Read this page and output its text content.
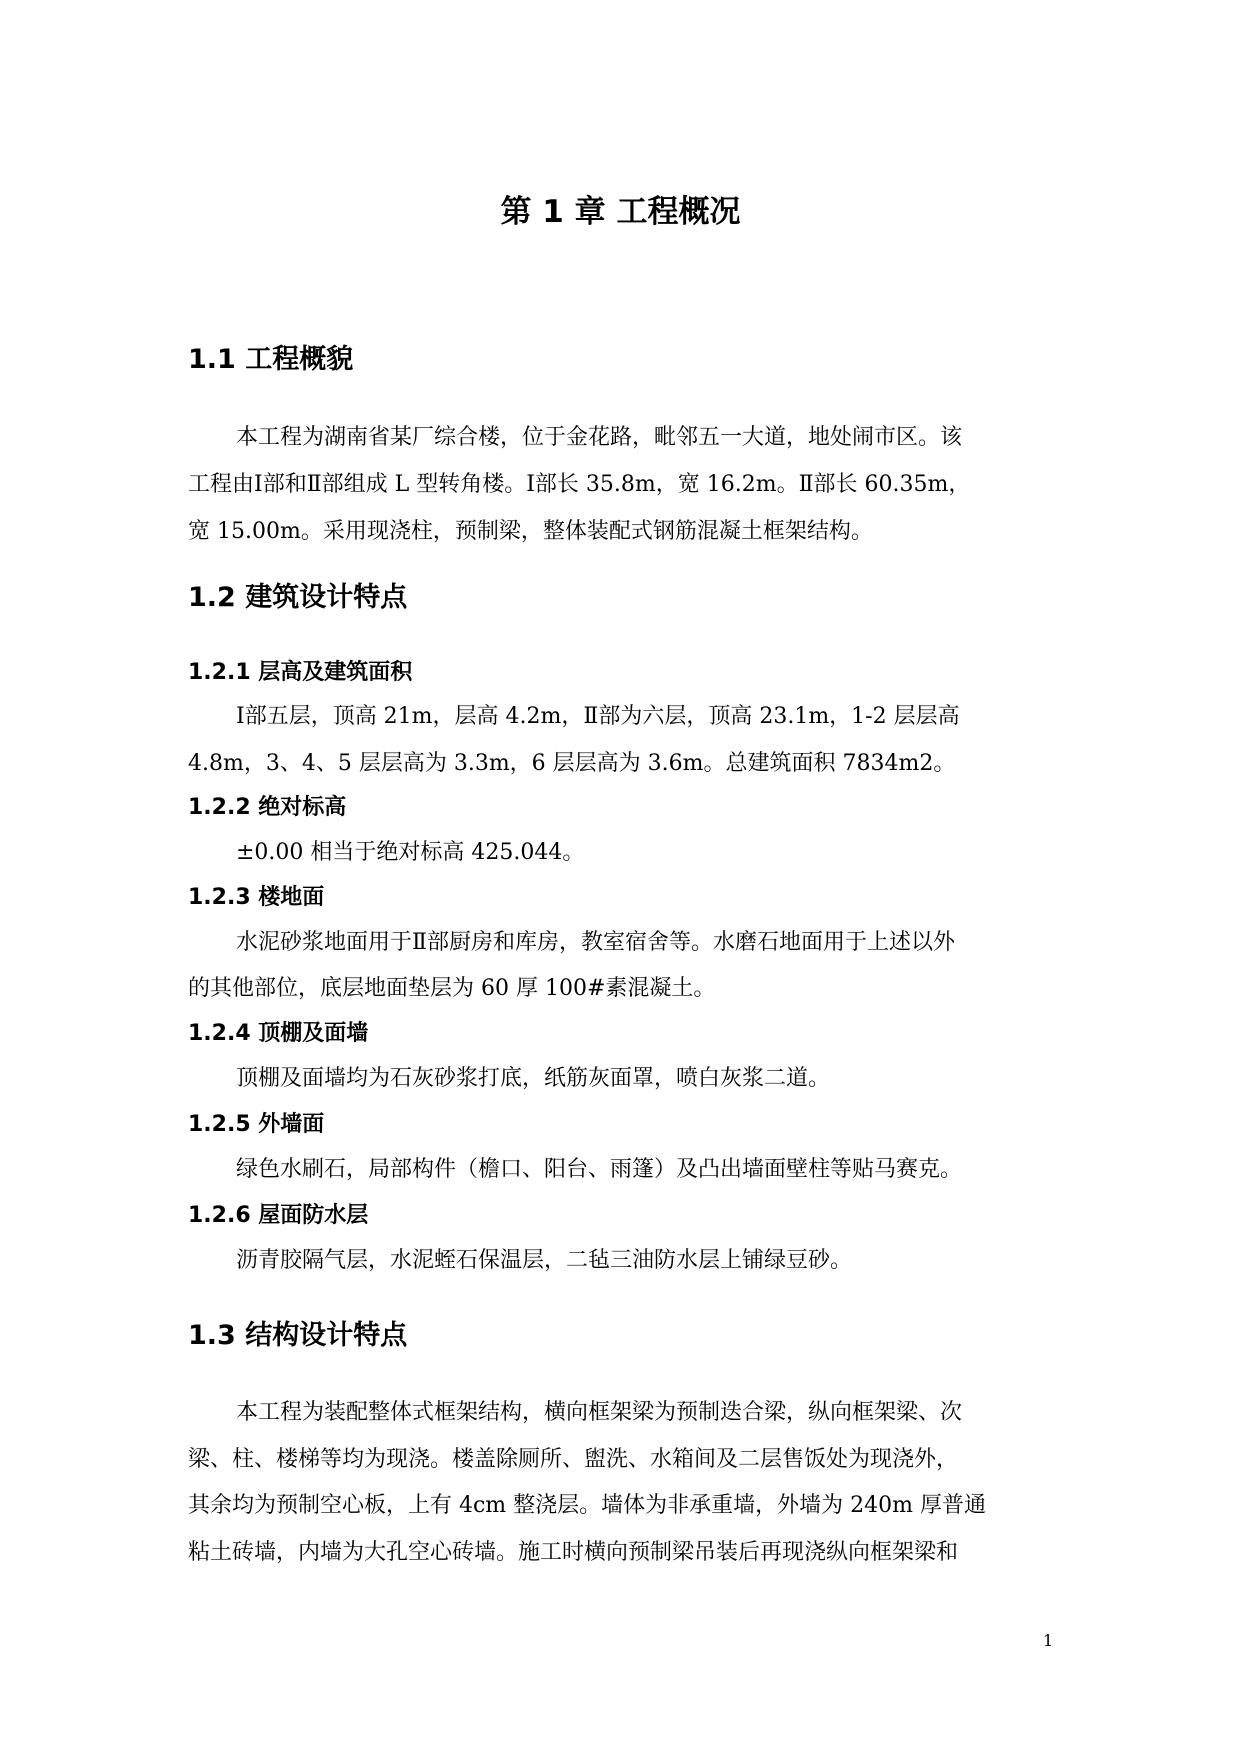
第 1 章 工程概况
1.1 工程概貌

本工程为湖南省某厂综合楼，位于金花路，毗邻五一大道，地处闹市区。该

工程由Ⅰ部和Ⅱ部组成 L 型转角楼。Ⅰ部长 35.8m，宽 16.2m。Ⅱ部长 60.35m，

宽 15.00m。采用现浇柱，预制梁，整体装配式钢筋混凝土框架结构。

1.2 建筑设计特点
1.2.1 层高及建筑面积

Ⅰ部五层，顶高 21m，层高 4.2m，Ⅱ部为六层，顶高 23.1m，1-2 层层高

4.8m，3、4、5 层层高为 3.3m，6 层层高为 3.6m。总建筑面积 7834m2。

1.2.2 绝对标高

±0.00 相当于绝对标高 425.044。

1.2.3 楼地面

水泥砂浆地面用于Ⅱ部厨房和库房，教室宿舍等。水磨石地面用于上述以外

的其他部位，底层地面垫层为 60 厚 100#素混凝土。

1.2.4 顶棚及面墙

顶棚及面墙均为石灰砂浆打底，纸筋灰面罩，喷白灰浆二道。

1.2.5 外墙面

绿色水刷石，局部构件（檐口、阳台、雨篷）及凸出墙面壁柱等贴马赛克。

1.2.6 屋面防水层

沥青胶隔气层，水泥蛭石保温层，二毡三油防水层上铺绿豆砂。

1.3 结构设计特点

本工程为装配整体式框架结构，横向框架梁为预制迭合梁，纵向框架梁、次

梁、柱、楼梯等均为现浇。楼盖除厕所、盥洗、水箱间及二层售饭处为现浇外，

其余均为预制空心板，上有 4cm 整浇层。墙体为非承重墙，外墙为 240m 厚普通

粘土砖墙，内墙为大孔空心砖墙。施工时横向预制梁吊装后再现浇纵向框架梁和

1
